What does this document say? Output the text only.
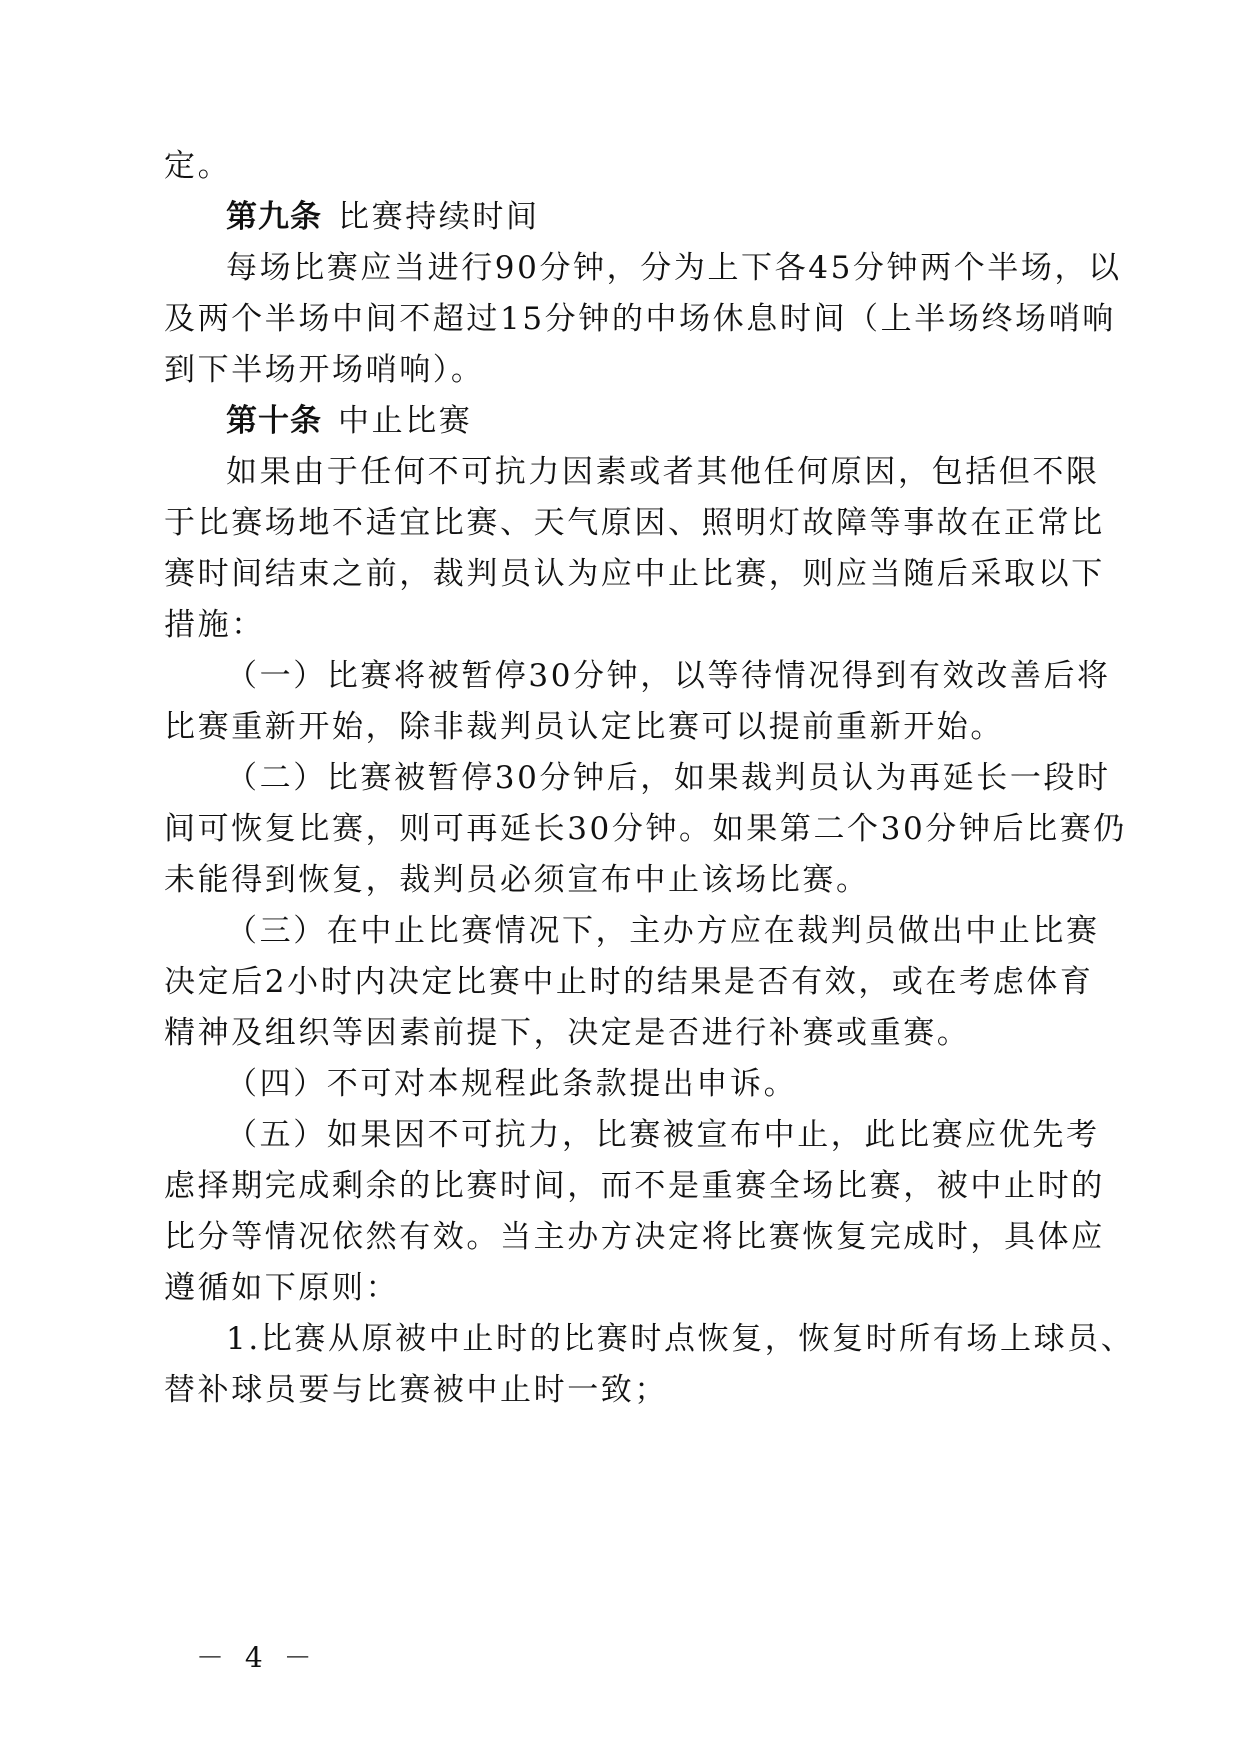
定。
第九条 比赛持续时间
每场比赛应当进行90分钟，分为上下各45分钟两个半场，以
及两个半场中间不超过15分钟的中场休息时间（上半场终场哨响
到下半场开场哨响）。
第十条 中止比赛
如果由于任何不可抗力因素或者其他任何原因，包括但不限
于比赛场地不适宜比赛、天气原因、照明灯故障等事故在正常比
赛时间结束之前，裁判员认为应中止比赛，则应当随后采取以下
措施：
（一）比赛将被暂停30分钟，以等待情况得到有效改善后将
比赛重新开始，除非裁判员认定比赛可以提前重新开始。
（二）比赛被暂停30分钟后，如果裁判员认为再延长一段时
间可恢复比赛，则可再延长30分钟。如果第二个30分钟后比赛仍
未能得到恢复，裁判员必须宣布中止该场比赛。
（三）在中止比赛情况下，主办方应在裁判员做出中止比赛
决定后2小时内决定比赛中止时的结果是否有效，或在考虑体育
精神及组织等因素前提下，决定是否进行补赛或重赛。
（四）不可对本规程此条款提出申诉。
（五）如果因不可抗力，比赛被宣布中止，此比赛应优先考
虑择期完成剩余的比赛时间，而不是重赛全场比赛，被中止时的
比分等情况依然有效。当主办方决定将比赛恢复完成时，具体应
遵循如下原则：
1.比赛从原被中止时的比赛时点恢复，恢复时所有场上球员、
替补球员要与比赛被中止时一致；
－ 4 －
